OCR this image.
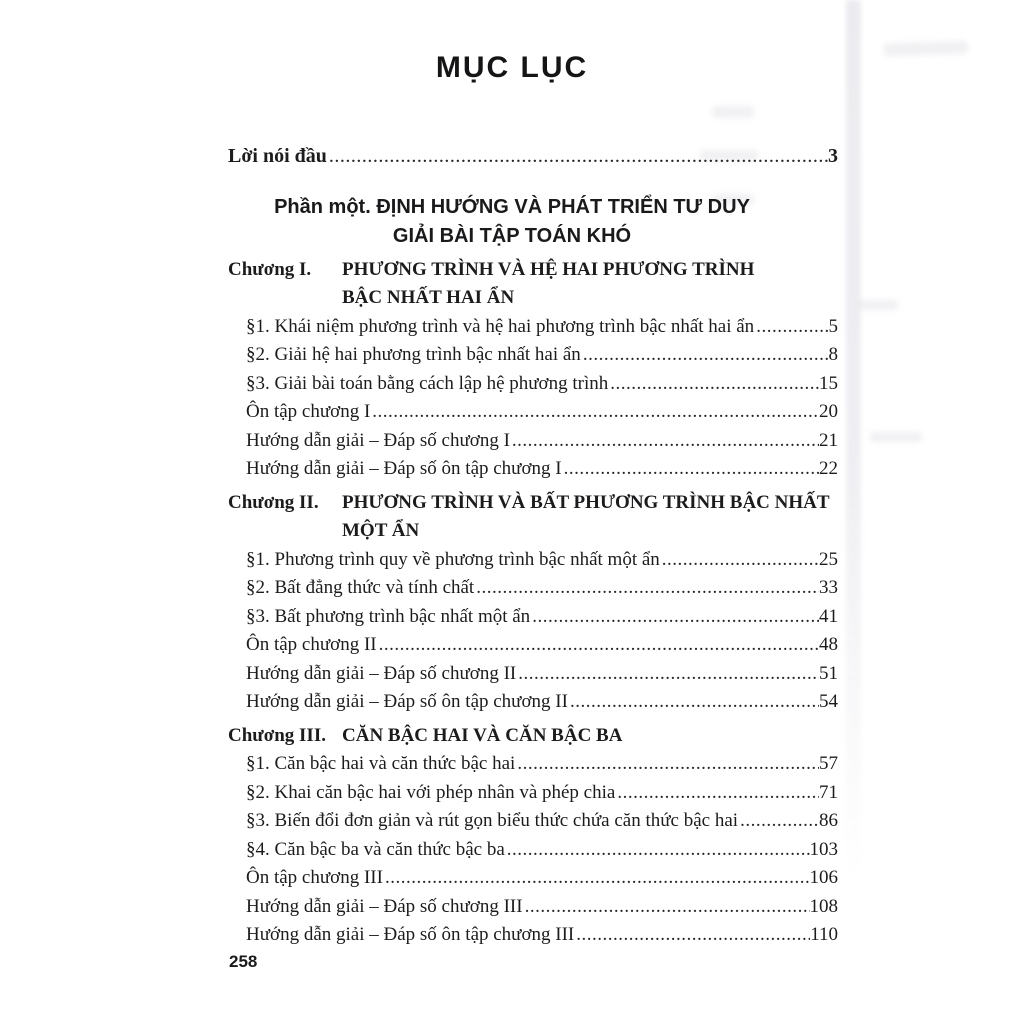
MỤC LỤC
Lời nói đầu .....	3
Phần một. ĐỊNH HƯỚNG VÀ PHÁT TRIỂN TƯ DUY
GIẢI BÀI TẬP TOÁN KHÓ
Chương I.	PHƯƠNG TRÌNH VÀ HỆ HAI PHƯƠNG TRÌNH
BẬC NHẤT HAI ẨN
§1. Khái niệm phương trình và hệ hai phương trình bậc nhất hai ẩn .....	5
§2. Giải hệ hai phương trình bậc nhất hai ẩn .....	8
§3. Giải bài toán bằng cách lập hệ phương trình .....	15
Ôn tập chương I .....	20
Hướng dẫn giải – Đáp số chương I .....	21
Hướng dẫn giải – Đáp số ôn tập chương I .....	22
Chương II.	PHƯƠNG TRÌNH VÀ BẤT PHƯƠNG TRÌNH BẬC NHẤT
MỘT ẨN
§1. Phương trình quy về phương trình bậc nhất một ẩn .....	25
§2. Bất đẳng thức và tính chất .....	33
§3. Bất phương trình bậc nhất một ẩn .....	41
Ôn tập chương II .....	48
Hướng dẫn giải – Đáp số chương II .....	51
Hướng dẫn giải – Đáp số ôn tập chương II .....	54
Chương III. CĂN BẬC HAI VÀ CĂN BẬC BA
§1. Căn bậc hai và căn thức bậc hai .....	57
§2. Khai căn bậc hai với phép nhân và phép chia .....	71
§3. Biến đổi đơn giản và rút gọn biểu thức chứa căn thức bậc hai .....	86
§4. Căn bậc ba và căn thức bậc ba .....	103
Ôn tập chương III .....	106
Hướng dẫn giải – Đáp số chương III .....	108
Hướng dẫn giải – Đáp số ôn tập chương III .....	110
258
